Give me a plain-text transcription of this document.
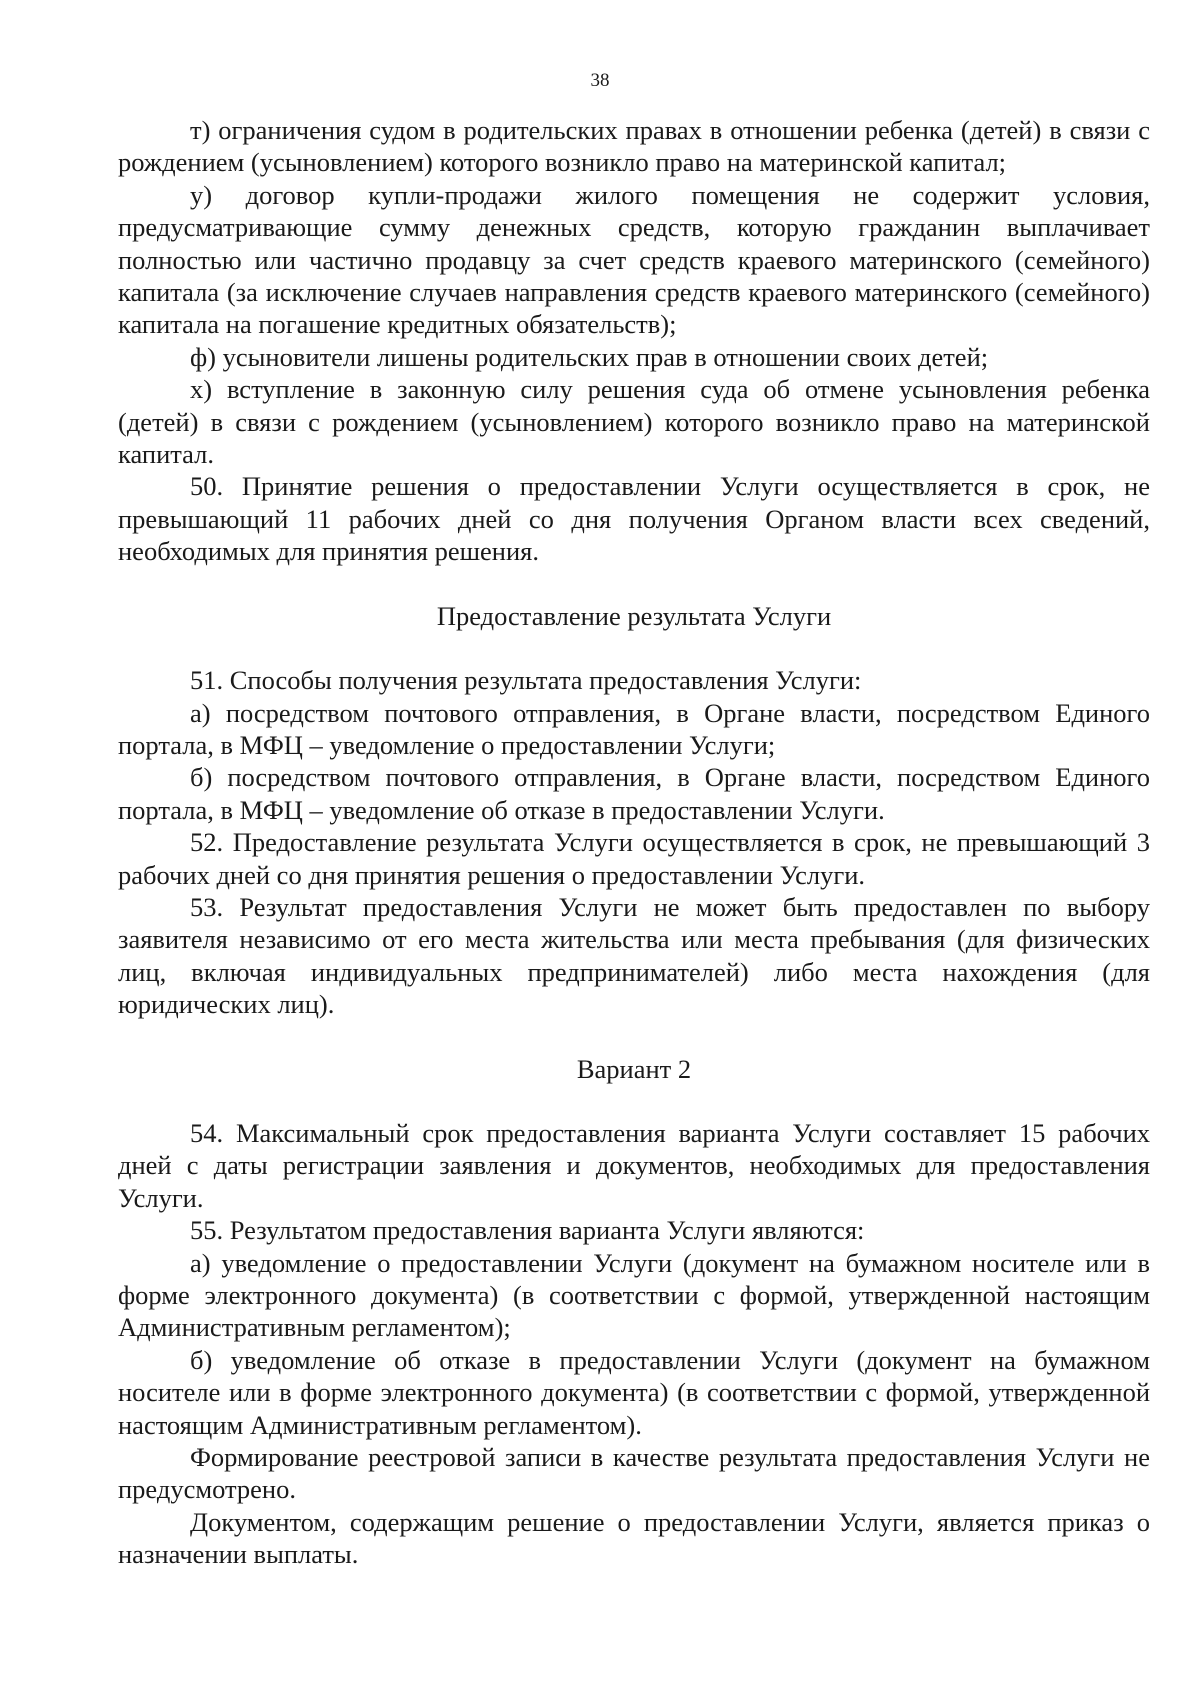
38

т) ограничения судом в родительских правах в отношении ребенка (детей) в связи с рождением (усыновлением) которого возникло право на материнской капитал;

у) договор купли-продажи жилого помещения не содержит условия, предусматривающие сумму денежных средств, которую гражданин выплачивает полностью или частично продавцу за счет средств краевого материнского (семейного) капитала (за исключение случаев направления средств краевого материнского (семейного) капитала на погашение кредитных обязательств);

ф) усыновители лишены родительских прав в отношении своих детей;

х) вступление в законную силу решения суда об отмене усыновления ребенка (детей) в связи с рождением (усыновлением) которого возникло право на материнской капитал.

50. Принятие решения о предоставлении Услуги осуществляется в срок, не превышающий 11 рабочих дней со дня получения Органом власти всех сведений, необходимых для принятия решения.

Предоставление результата Услуги

51. Способы получения результата предоставления Услуги:

а) посредством почтового отправления, в Органе власти, посредством Единого портала, в МФЦ – уведомление о предоставлении Услуги;

б) посредством почтового отправления, в Органе власти, посредством Единого портала, в МФЦ – уведомление об отказе в предоставлении Услуги.

52. Предоставление результата Услуги осуществляется в срок, не превышающий 3 рабочих дней со дня принятия решения о предоставлении Услуги.

53. Результат предоставления Услуги не может быть предоставлен по выбору заявителя независимо от его места жительства или места пребывания (для физических лиц, включая индивидуальных предпринимателей) либо места нахождения (для юридических лиц).

Вариант 2

54. Максимальный срок предоставления варианта Услуги составляет 15 рабочих дней с даты регистрации заявления и документов, необходимых для предоставления Услуги.

55. Результатом предоставления варианта Услуги являются:

а) уведомление о предоставлении Услуги (документ на бумажном носителе или в форме электронного документа) (в соответствии с формой, утвержденной настоящим Административным регламентом);

б) уведомление об отказе в предоставлении Услуги (документ на бумажном носителе или в форме электронного документа) (в соответствии с формой, утвержденной настоящим Административным регламентом).

Формирование реестровой записи в качестве результата предоставления Услуги не предусмотрено.

Документом, содержащим решение о предоставлении Услуги, является приказ о назначении выплаты.
